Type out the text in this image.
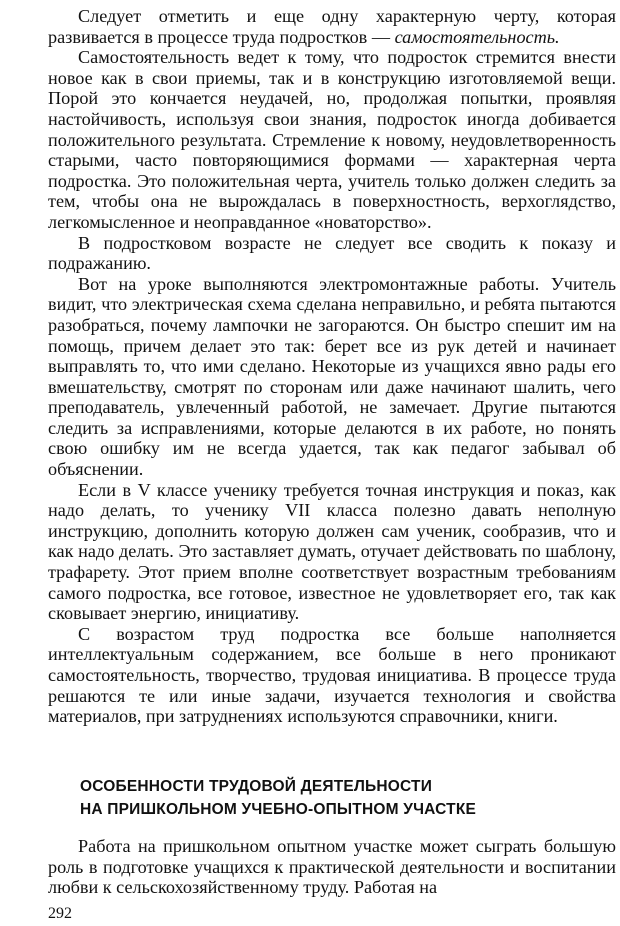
Следует отметить и еще одну характерную черту, которая развивается в процессе труда подростков — самостоятельность.

Самостоятельность ведет к тому, что подросток стремится внести новое как в свои приемы, так и в конструкцию изготовляемой вещи. Порой это кончается неудачей, но, продолжая попытки, проявляя настойчивость, используя свои знания, подросток иногда добивается положительного результата. Стремление к новому, неудовлетворенность старыми, часто повторяющимися формами — характерная черта подростка. Это положительная черта, учитель только должен следить за тем, чтобы она не вырождалась в поверхностность, верхоглядство, легкомысленное и неоправданное «новаторство».

В подростковом возрасте не следует все сводить к показу и подражанию.

Вот на уроке выполняются электромонтажные работы. Учитель видит, что электрическая схема сделана неправильно, и ребята пытаются разобраться, почему лампочки не загораются. Он быстро спешит им на помощь, причем делает это так: берет все из рук детей и начинает выправлять то, что ими сделано. Некоторые из учащихся явно рады его вмешательству, смотрят по сторонам или даже начинают шалить, чего преподаватель, увлеченный работой, не замечает. Другие пытаются следить за исправлениями, которые делаются в их работе, но понять свою ошибку им не всегда удается, так как педагог забывал об объяснении.

Если в V классе ученику требуется точная инструкция и показ, как надо делать, то ученику VII класса полезно давать неполную инструкцию, дополнить которую должен сам ученик, сообразив, что и как надо делать. Это заставляет думать, отучает действовать по шаблону, трафарету. Этот прием вполне соответствует возрастным требованиям самого подростка, все готовое, известное не удовлетворяет его, так как сковывает энергию, инициативу.

С возрастом труд подростка все больше наполняется интеллектуальным содержанием, все больше в него проникают самостоятельность, творчество, трудовая инициатива. В процессе труда решаются те или иные задачи, изучается технология и свойства материалов, при затруднениях используются справочники, книги.

ОСОБЕННОСТИ ТРУДОВОЙ ДЕЯТЕЛЬНОСТИ
НА ПРИШКОЛЬНОМ УЧЕБНО-ОПЫТНОМ УЧАСТКЕ

Работа на пришкольном опытном участке может сыграть большую роль в подготовке учащихся к практической деятельности и воспитании любви к сельскохозяйственному труду. Работая на

292
